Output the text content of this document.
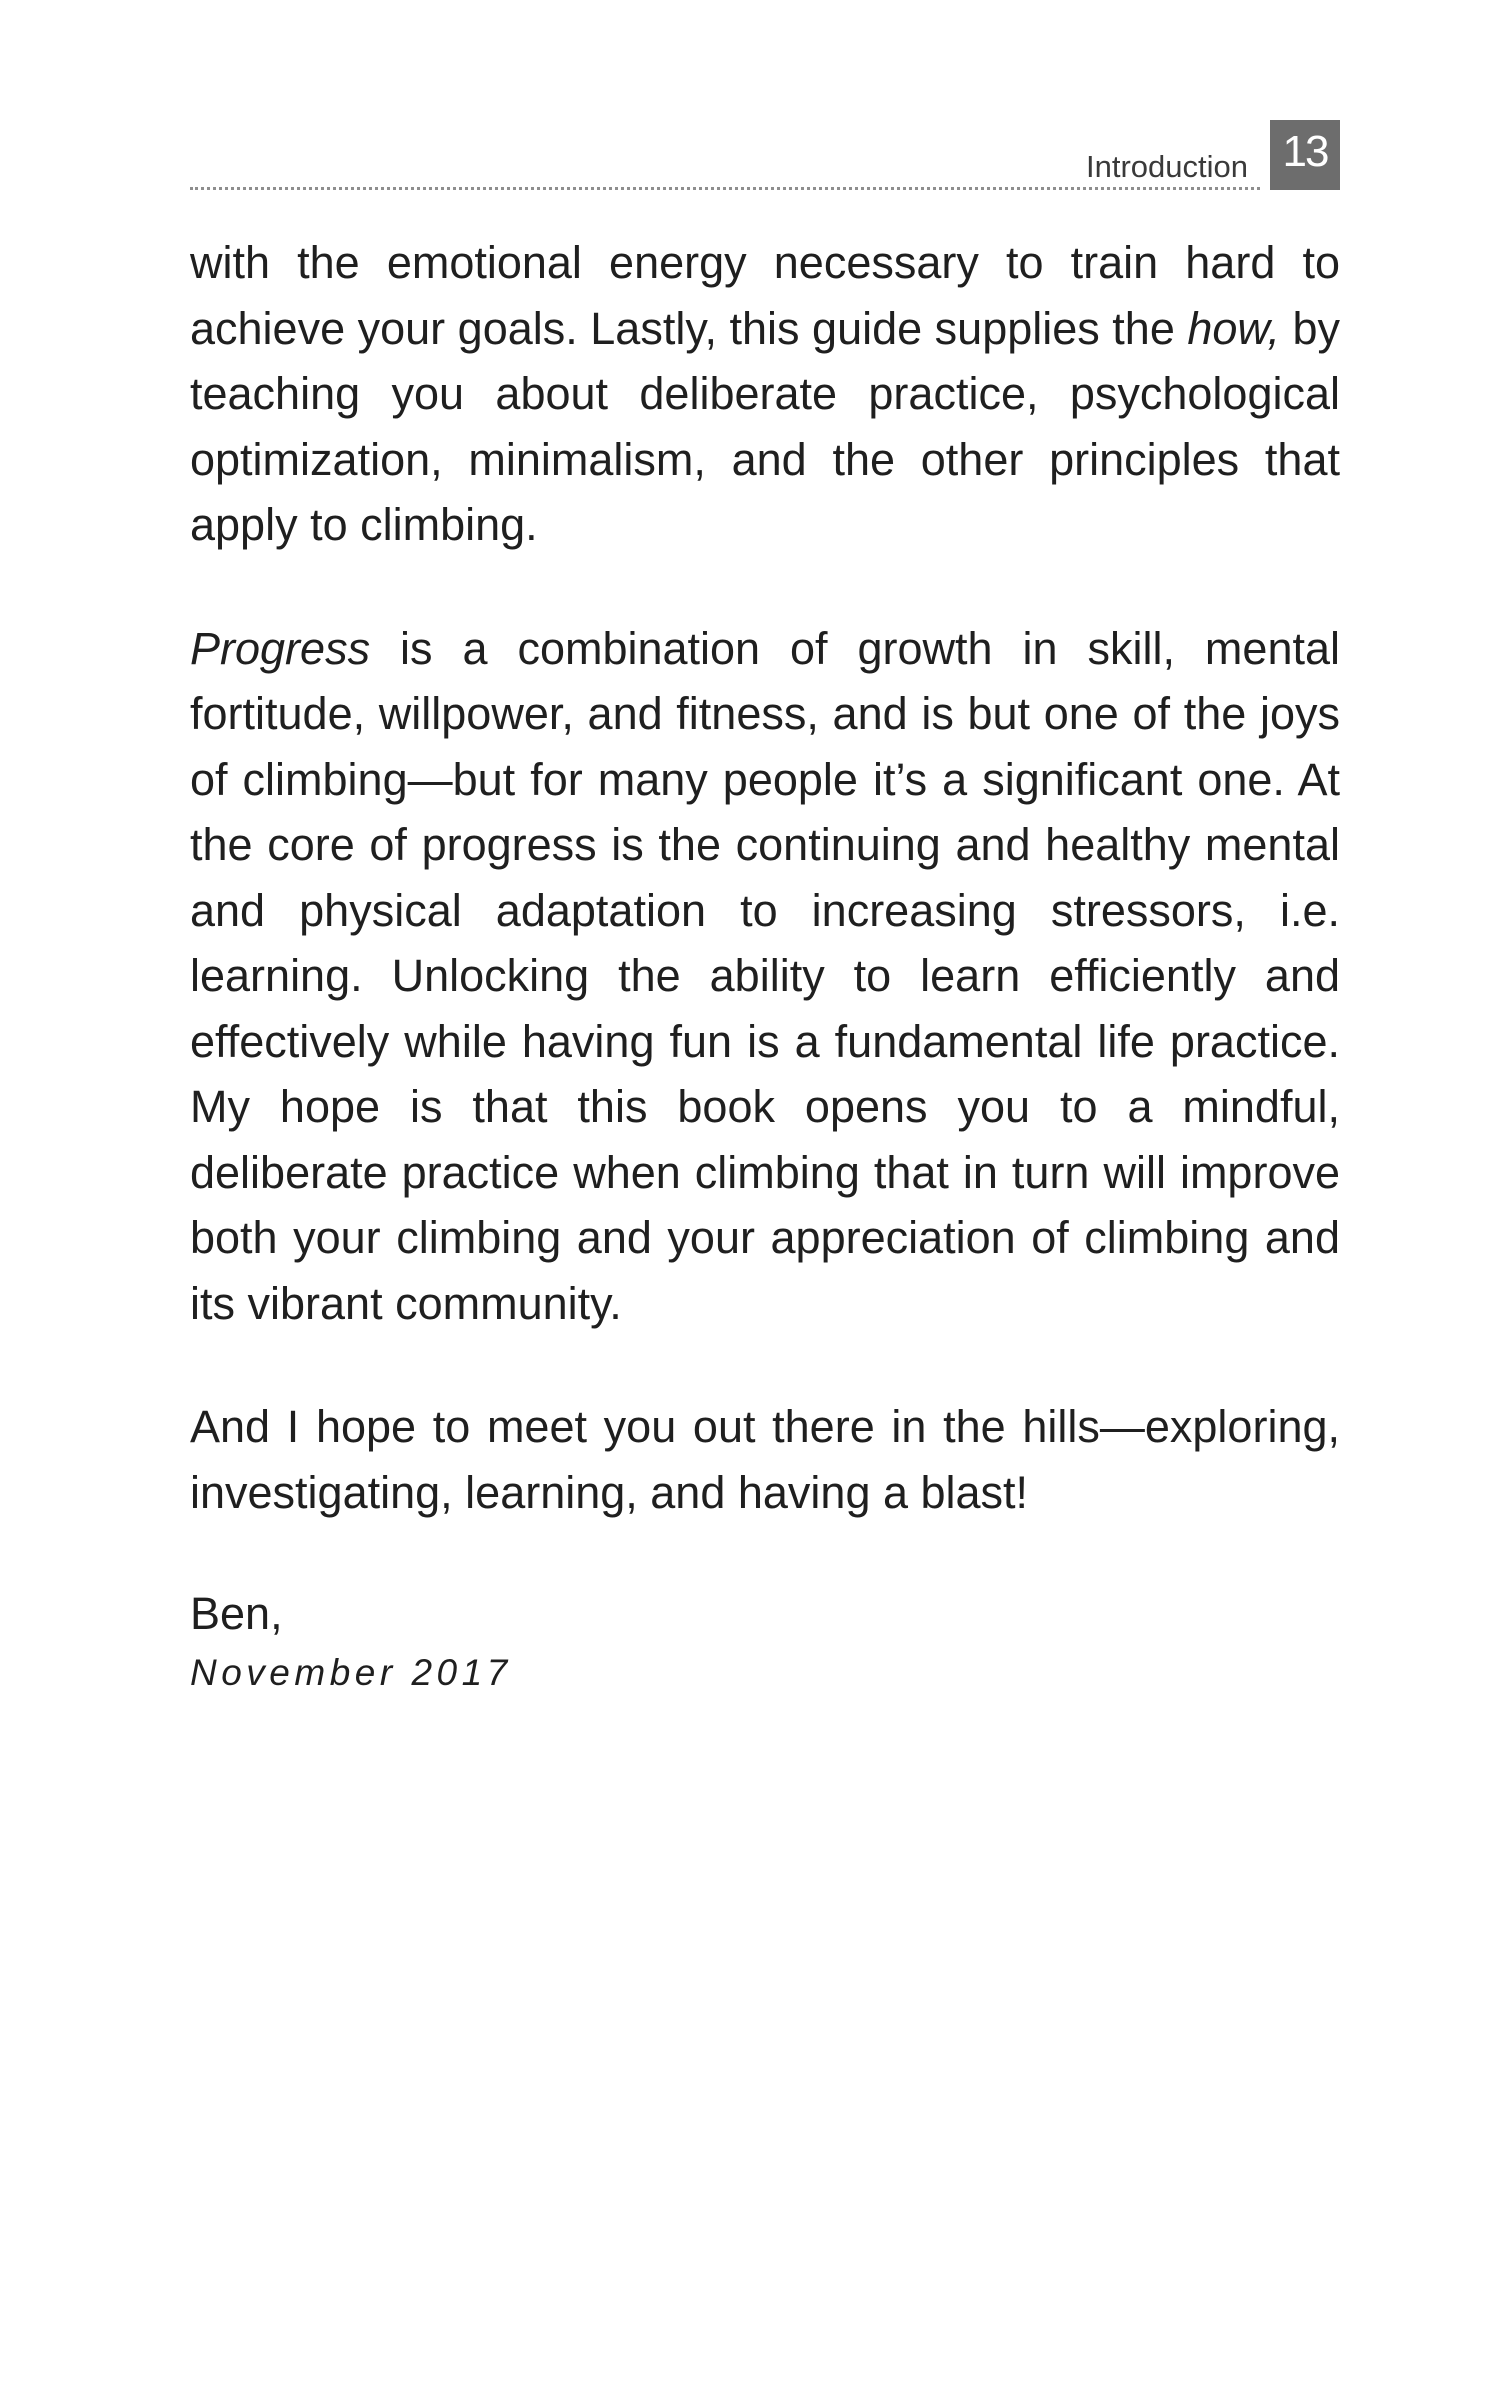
Introduction 13

with the emotional energy necessary to train hard to achieve your goals. Lastly, this guide supplies the how, by teaching you about deliberate practice, psychological optimization, minimalism, and the other principles that apply to climbing.

Progress is a combination of growth in skill, mental fortitude, willpower, and fitness, and is but one of the joys of climbing—but for many people it’s a significant one. At the core of progress is the continuing and healthy mental and physical adaptation to increasing stressors, i.e. learning. Unlocking the ability to learn efficiently and effectively while having fun is a fundamental life practice. My hope is that this book opens you to a mindful, deliberate practice when climbing that in turn will improve both your climbing and your appreciation of climbing and its vibrant community.

And I hope to meet you out there in the hills—exploring, investigating, learning, and having a blast!

Ben,

November 2017
